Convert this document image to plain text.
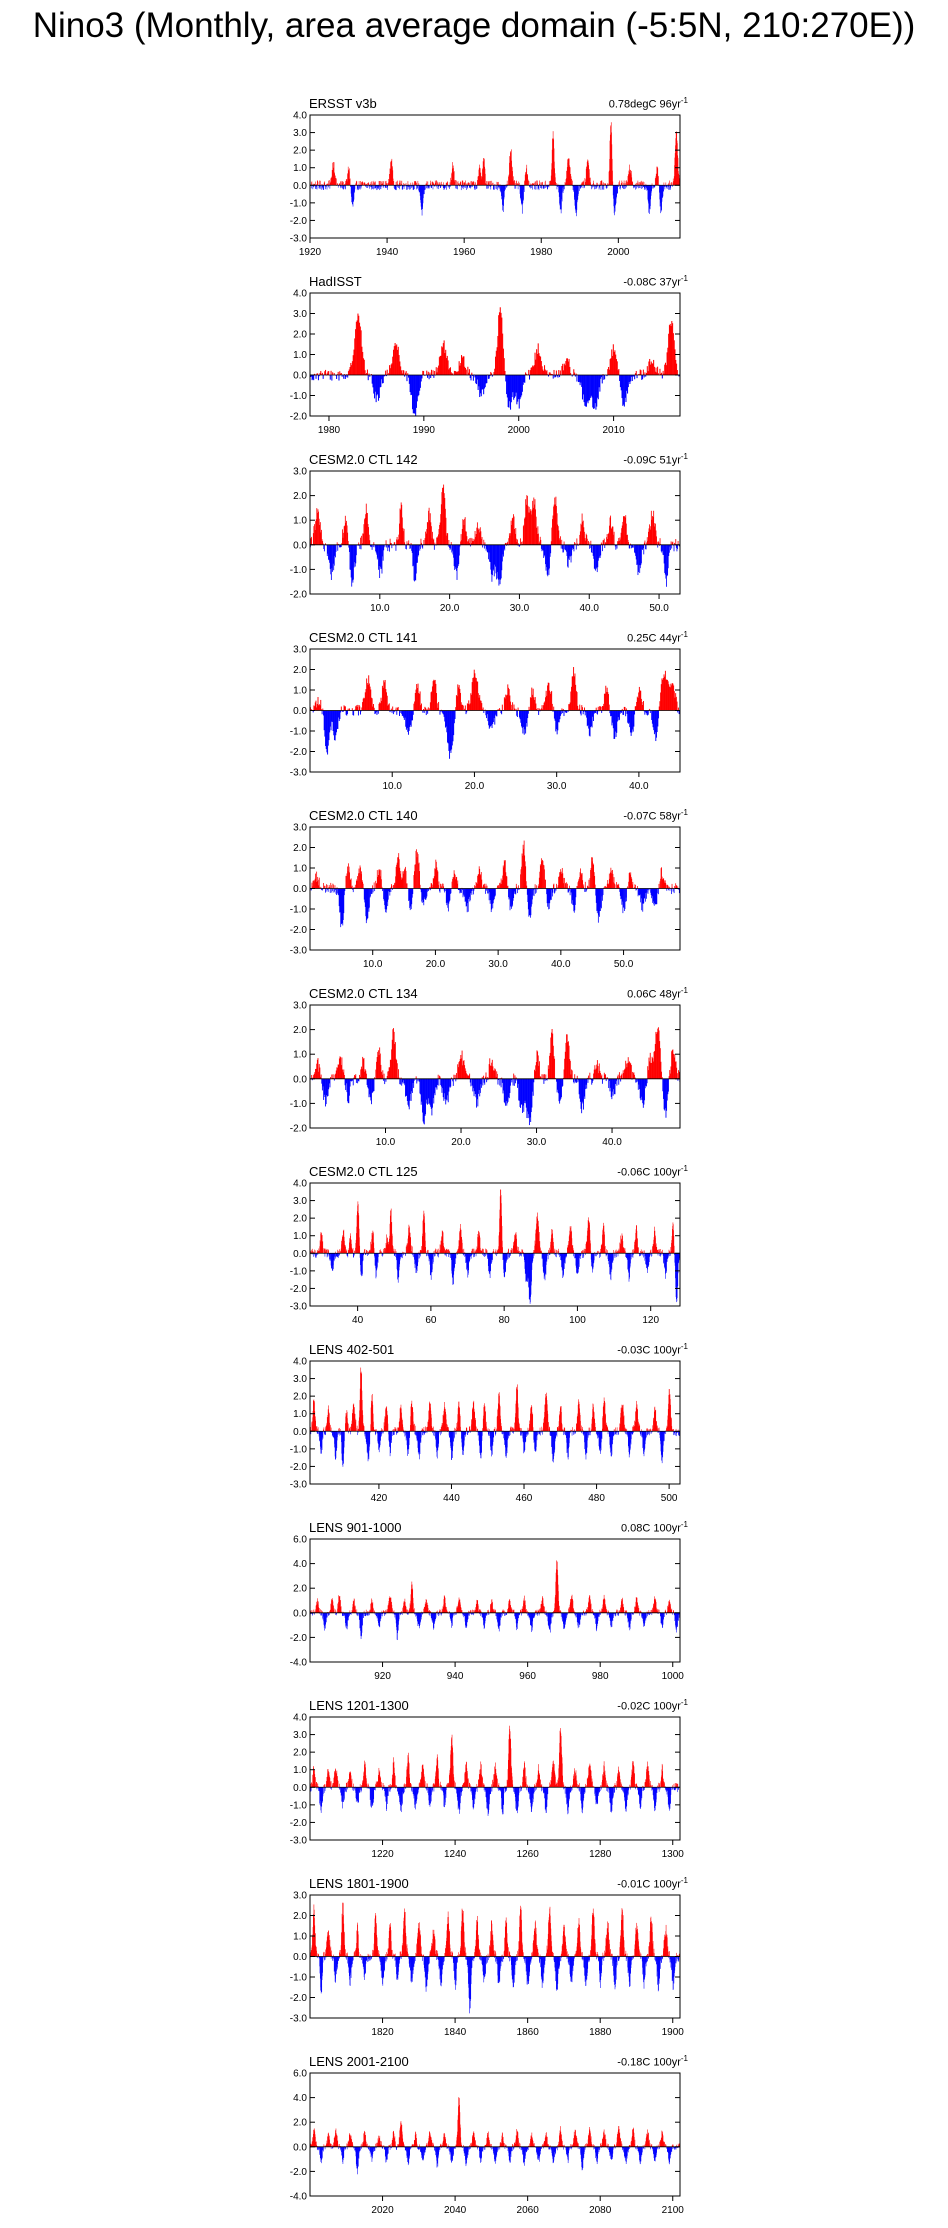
Nino3 (Monthly, area average domain (-5:5N, 210:270E))
ERSST v3b	0.78degC $96yr^{-1}$
-3.0
-2.0
-1.0
0.0
1.0
2.0
3.0
4.0
1920	1940	1960	1980	2000
HadISST	-0.08C $37yr^{-1}$
-2.0
-1.0
0.0
1.0
2.0
3.0
4.0
1980	1990	2000	2010
CESM2.0 CTL 142	-0.09C $51yr^{-1}$
-2.0
-1.0
0.0
1.0
2.0
3.0
10.0	20.0	30.0	40.0	50.0
CESM2.0 CTL 141	0.25C $44yr^{-1}$
-3.0
-2.0
-1.0
0.0
1.0
2.0
3.0
10.0	20.0	30.0	40.0
CESM2.0 CTL 140	-0.07C $58yr^{-1}$
-3.0
-2.0
-1.0
0.0
1.0
2.0
3.0
10.0	20.0	30.0	40.0	50.0
CESM2.0 CTL 134	0.06C $48yr^{-1}$
-2.0
-1.0
0.0
1.0
2.0
3.0
10.0	20.0	30.0	40.0
CESM2.0 CTL 125	-0.06C $100yr^{-1}$
-3.0
-2.0
-1.0
0.0
1.0
2.0
3.0
4.0
40	60	80	100	120
LENS 402-501	-0.03C $100yr^{-1}$
-3.0
-2.0
-1.0
0.0
1.0
2.0
3.0
4.0
420	440	460	480	500
LENS 901-1000	0.08C $100yr^{-1}$
-4.0
-2.0
0.0
2.0
4.0
6.0
920	940	960	980	1000
LENS 1201-1300	-0.02C $100yr^{-1}$
-3.0
-2.0
-1.0
0.0
1.0
2.0
3.0
4.0
1220	1240	1260	1280	1300
LENS 1801-1900	-0.01C $100yr^{-1}$
-3.0
-2.0
-1.0
0.0
1.0
2.0
3.0
1820	1840	1860	1880	1900
LENS 2001-2100	-0.18C $100yr^{-1}$
-4.0
-2.0
0.0
2.0
4.0
6.0
2020	2040	2060	2080	2100
